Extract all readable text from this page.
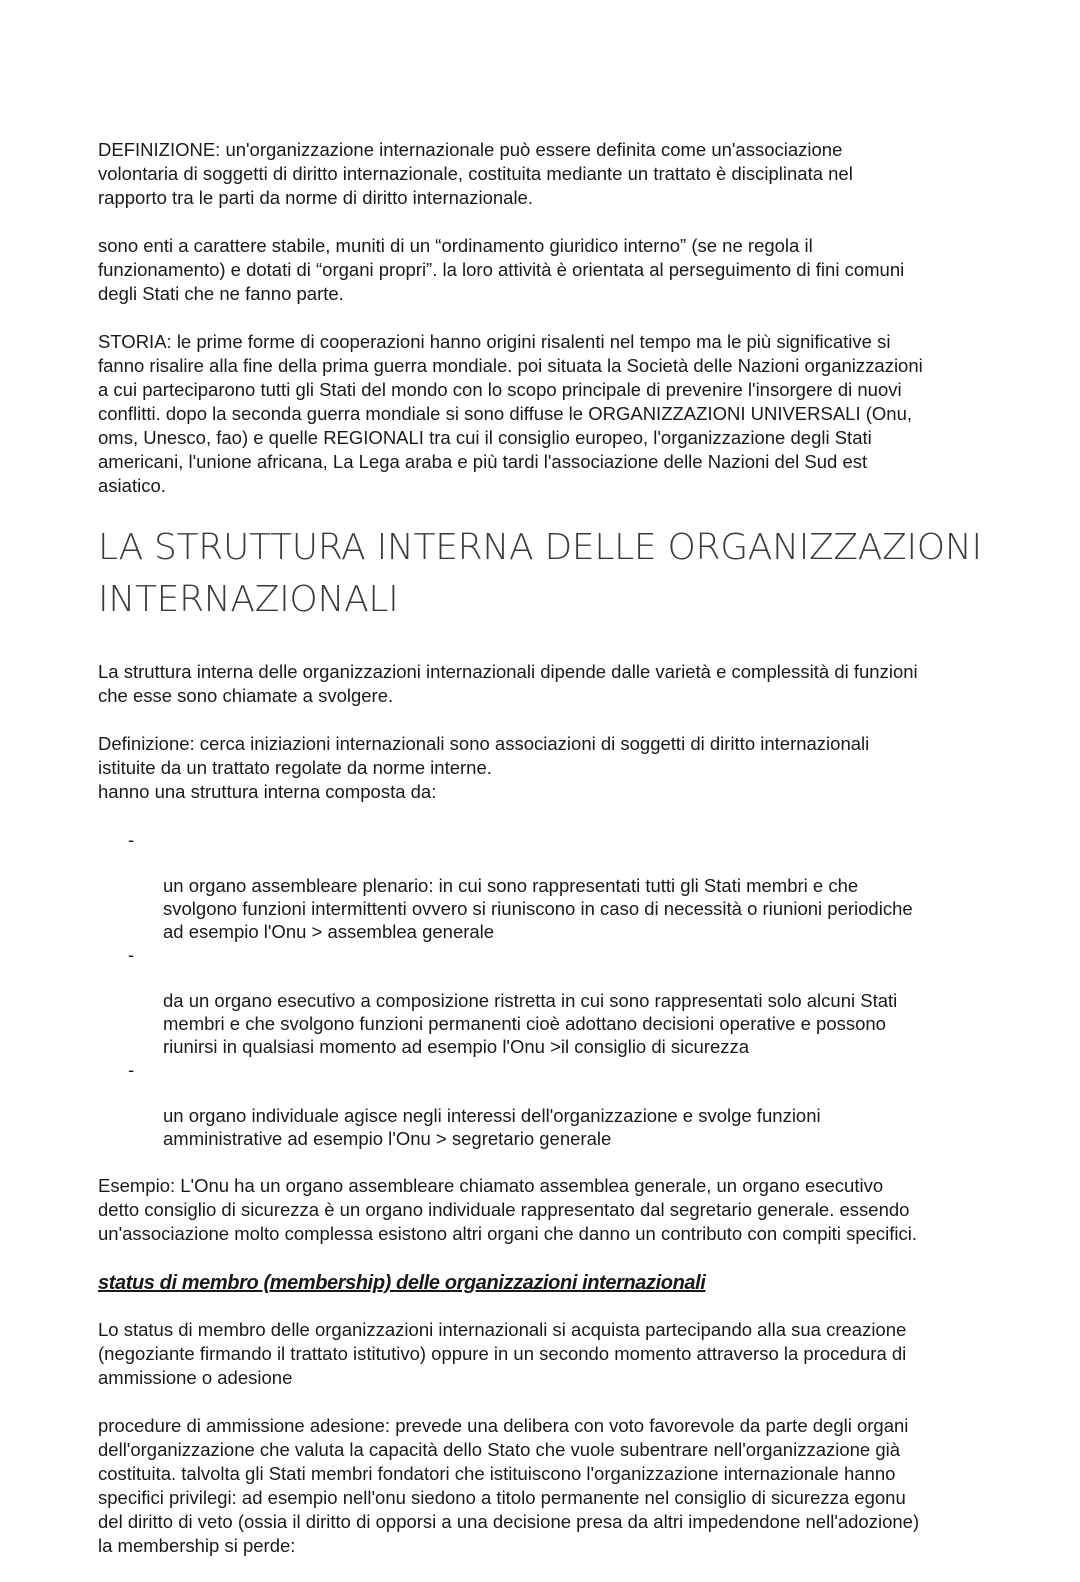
DEFINIZIONE: un'organizzazione internazionale può essere definita come un'associazione
volontaria di soggetti di diritto internazionale, costituita mediante un trattato è disciplinata nel
rapporto tra le parti da norme di diritto internazionale.

sono enti a carattere stabile, muniti di un “ordinamento giuridico interno” (se ne regola il
funzionamento) e dotati di “organi propri”. la loro attività è orientata al perseguimento di fini comuni
degli Stati che ne fanno parte.

STORIA: le prime forme di cooperazioni hanno origini risalenti nel tempo ma le più significative si
fanno risalire alla fine della prima guerra mondiale. poi situata la Società delle Nazioni organizzazioni
a cui parteciparono tutti gli Stati del mondo con lo scopo principale di prevenire l'insorgere di nuovi
conflitti. dopo la seconda guerra mondiale si sono diffuse le ORGANIZZAZIONI UNIVERSALI (Onu,
oms, Unesco, fao) e quelle REGIONALI tra cui il consiglio europeo, l'organizzazione degli Stati
americani, l'unione africana, La Lega araba e più tardi l'associazione delle Nazioni del Sud est
asiatico.

LA STRUTTURA INTERNA DELLE ORGANIZZAZIONI
INTERNAZIONALI

La struttura interna delle organizzazioni internazionali dipende dalle varietà e complessità di funzioni
che esse sono chiamate a svolgere.

Definizione: cerca iniziazioni internazionali sono associazioni di soggetti di diritto internazionali
istituite da un trattato regolate da norme interne.

hanno una struttura interna composta da:

-

un organo assembleare plenario: in cui sono rappresentati tutti gli Stati membri e che
svolgono funzioni intermittenti ovvero si riuniscono in caso di necessità o riunioni periodiche
ad esempio l'Onu > assemblea generale

-

da un organo esecutivo a composizione ristretta in cui sono rappresentati solo alcuni Stati
membri e che svolgono funzioni permanenti cioè adottano decisioni operative e possono
riunirsi in qualsiasi momento ad esempio l'Onu >il consiglio di sicurezza

-

un organo individuale agisce negli interessi dell'organizzazione e svolge funzioni
amministrative ad esempio l'Onu > segretario generale

Esempio: L'Onu ha un organo assembleare chiamato assemblea generale, un organo esecutivo
detto consiglio di sicurezza è un organo individuale rappresentato dal segretario generale. essendo
un'associazione molto complessa esistono altri organi che danno un contributo con compiti specifici.

status di membro (membership) delle organizzazioni internazionali

Lo status di membro delle organizzazioni internazionali si acquista partecipando alla sua creazione
(negoziante firmando il trattato istitutivo) oppure in un secondo momento attraverso la procedura di
ammissione o adesione

procedure di ammissione adesione: prevede una delibera con voto favorevole da parte degli organi
dell'organizzazione che valuta la capacità dello Stato che vuole subentrare nell'organizzazione già
costituita. talvolta gli Stati membri fondatori che istituiscono l'organizzazione internazionale hanno
specifici privilegi: ad esempio nell'onu siedono a titolo permanente nel consiglio di sicurezza egonu
del diritto di veto (ossia il diritto di opporsi a una decisione presa da altri impedendone nell'adozione)
la membership si perde:
